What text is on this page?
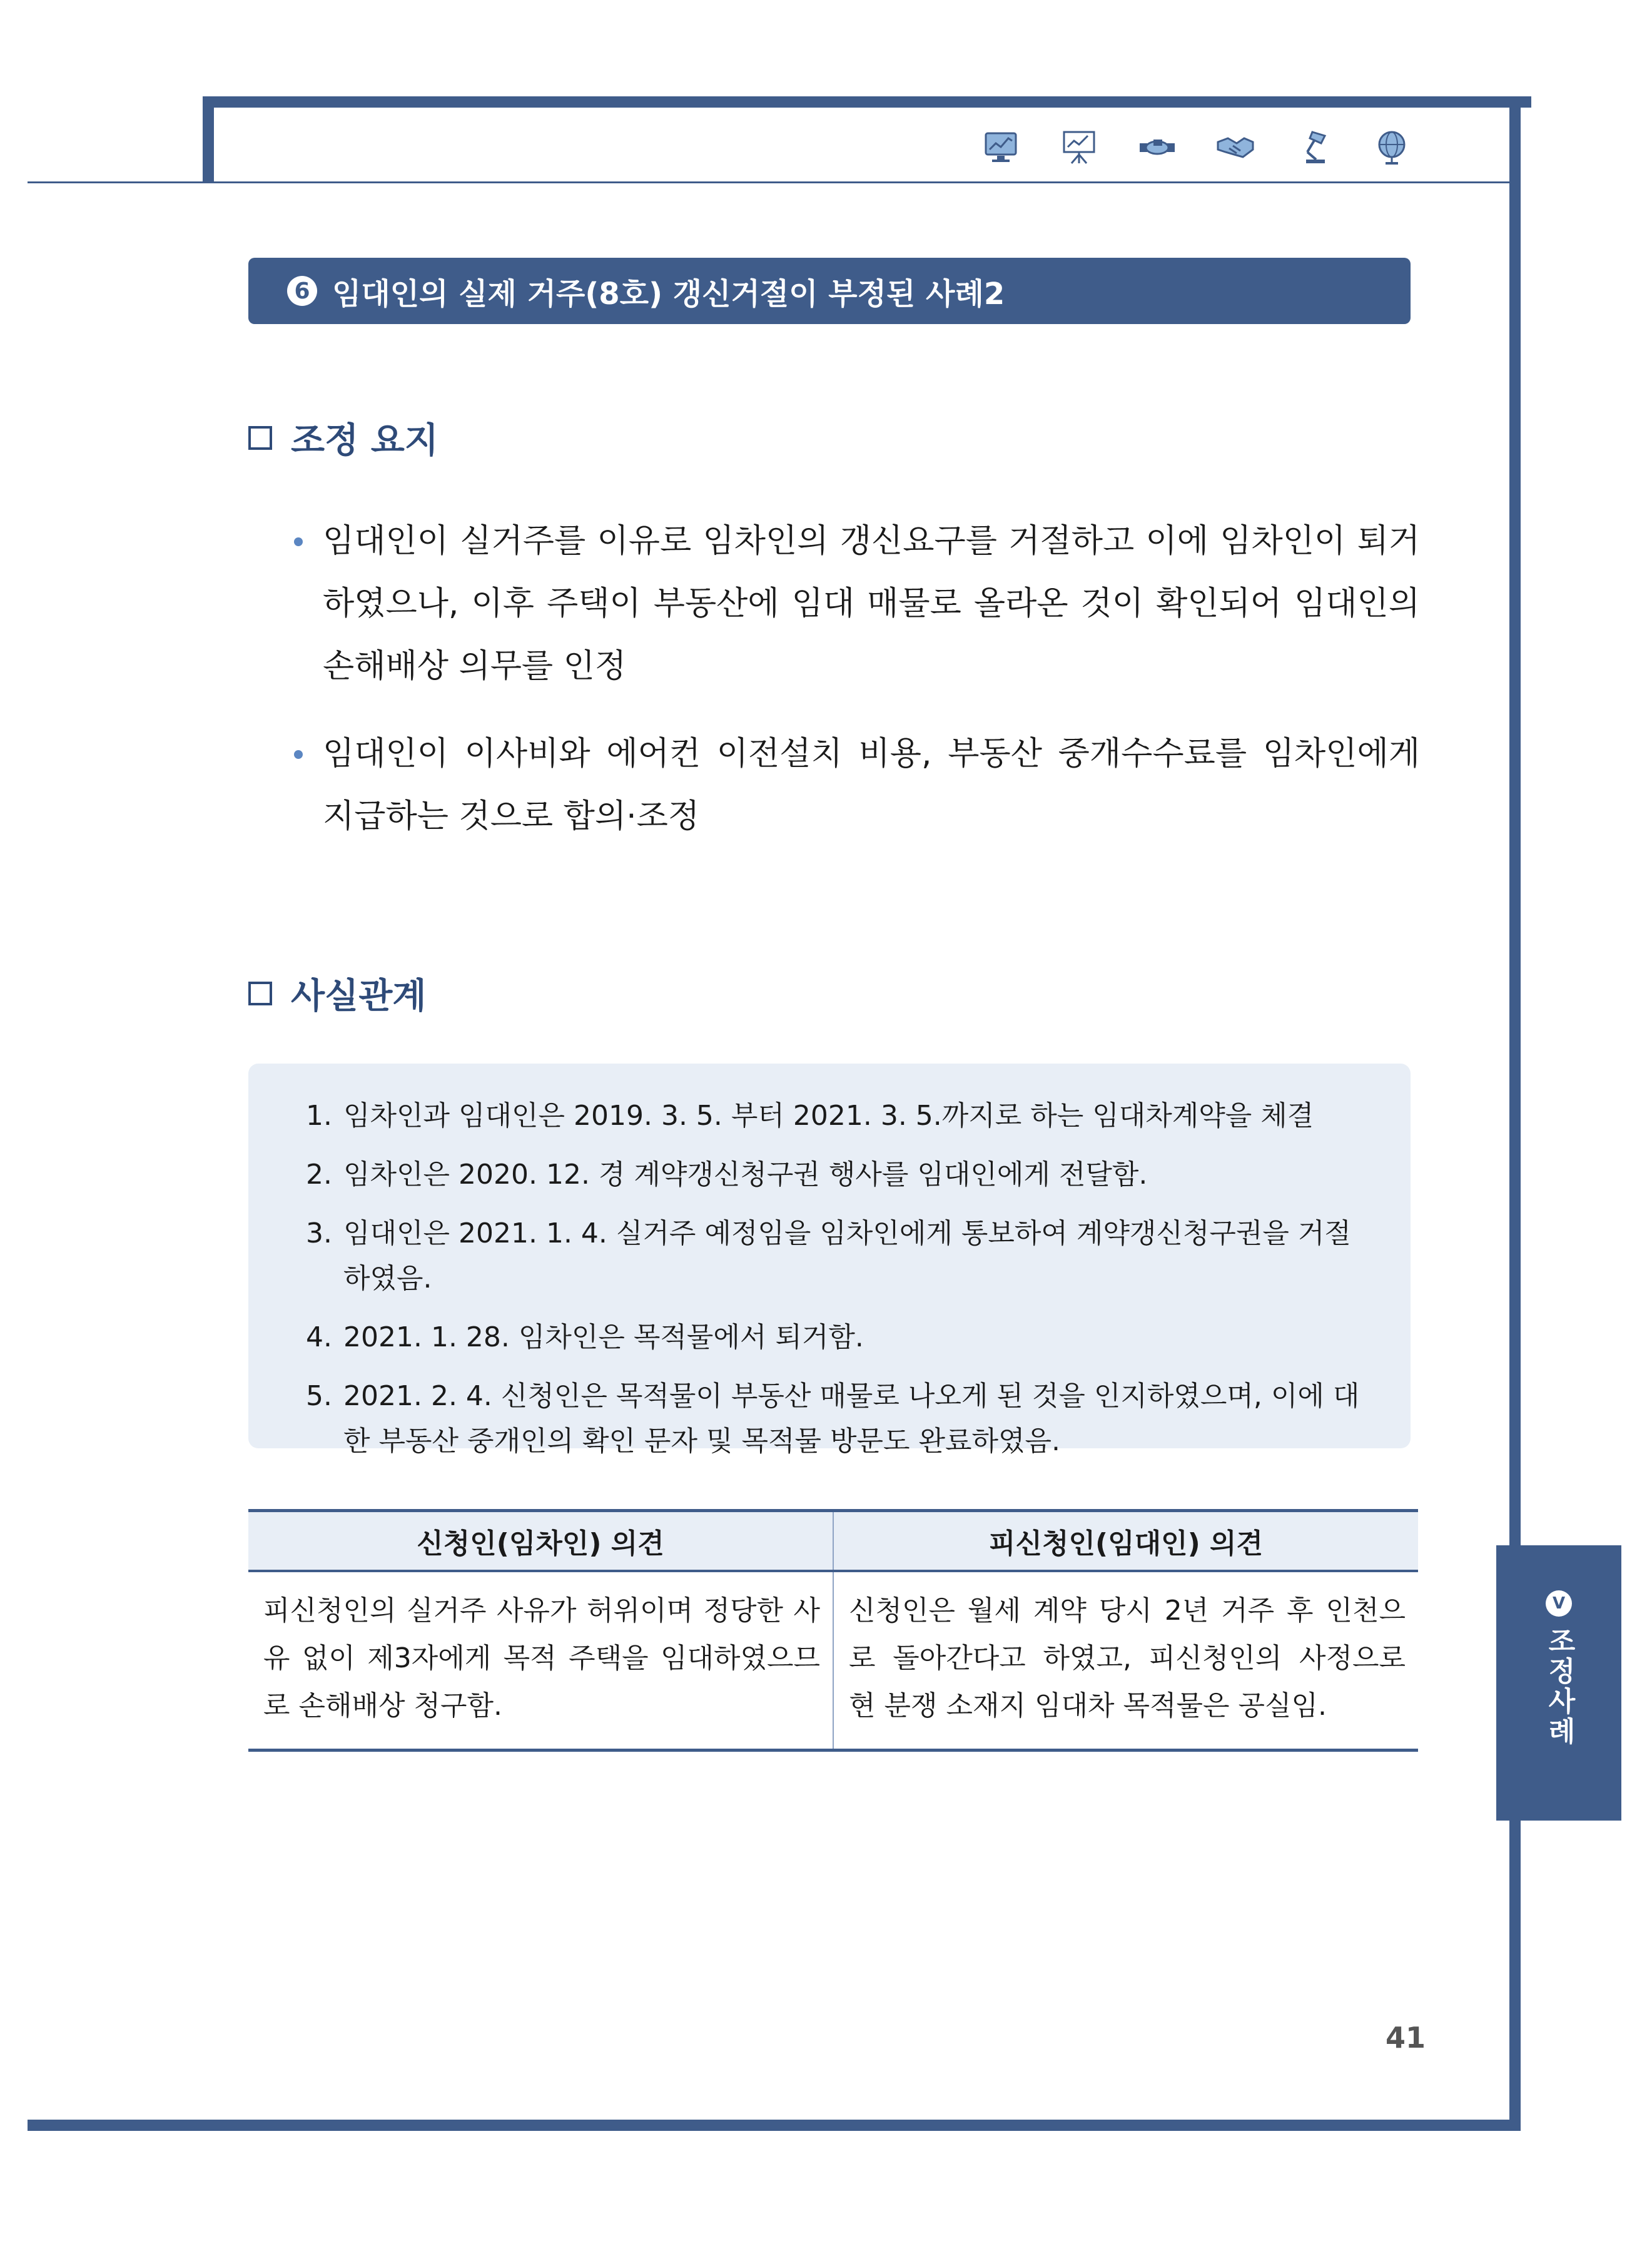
6 임대인의 실제 거주(8호) 갱신거절이 부정된 사례2
조정 요지
임대인이 실거주를 이유로 임차인의 갱신요구를 거절하고 이에 임차인이 퇴거하였으나, 이후 주택이 부동산에 임대 매물로 올라온 것이 확인되어 임대인의 손해배상 의무를 인정
임대인이 이사비와 에어컨 이전설치 비용, 부동산 중개수수료를 임차인에게 지급하는 것으로 합의·조정
사실관계
1. 임차인과 임대인은 2019. 3. 5. 부터 2021. 3. 5.까지로 하는 임대차계약을 체결
2. 임차인은 2020. 12. 경 계약갱신청구권 행사를 임대인에게 전달함.
3. 임대인은 2021. 1. 4. 실거주 예정임을 임차인에게 통보하여 계약갱신청구권을 거절하였음.
4. 2021. 1. 28. 임차인은 목적물에서 퇴거함.
5. 2021. 2. 4. 신청인은 목적물이 부동산 매물로 나오게 된 것을 인지하였으며, 이에 대한 부동산 중개인의 확인 문자 및 목적물 방문도 완료하였음.
신청인(임차인) 의견	피신청인(임대인) 의견
피신청인의 실거주 사유가 허위이며 정당한 사유 없이 제3자에게 목적 주택을 임대하였으므로 손해배상 청구함.	신청인은 월세 계약 당시 2년 거주 후 인천으로 돌아간다고 하였고, 피신청인의 사정으로 현 분쟁 소재지 임대차 목적물은 공실임.
V
조정사례
41
